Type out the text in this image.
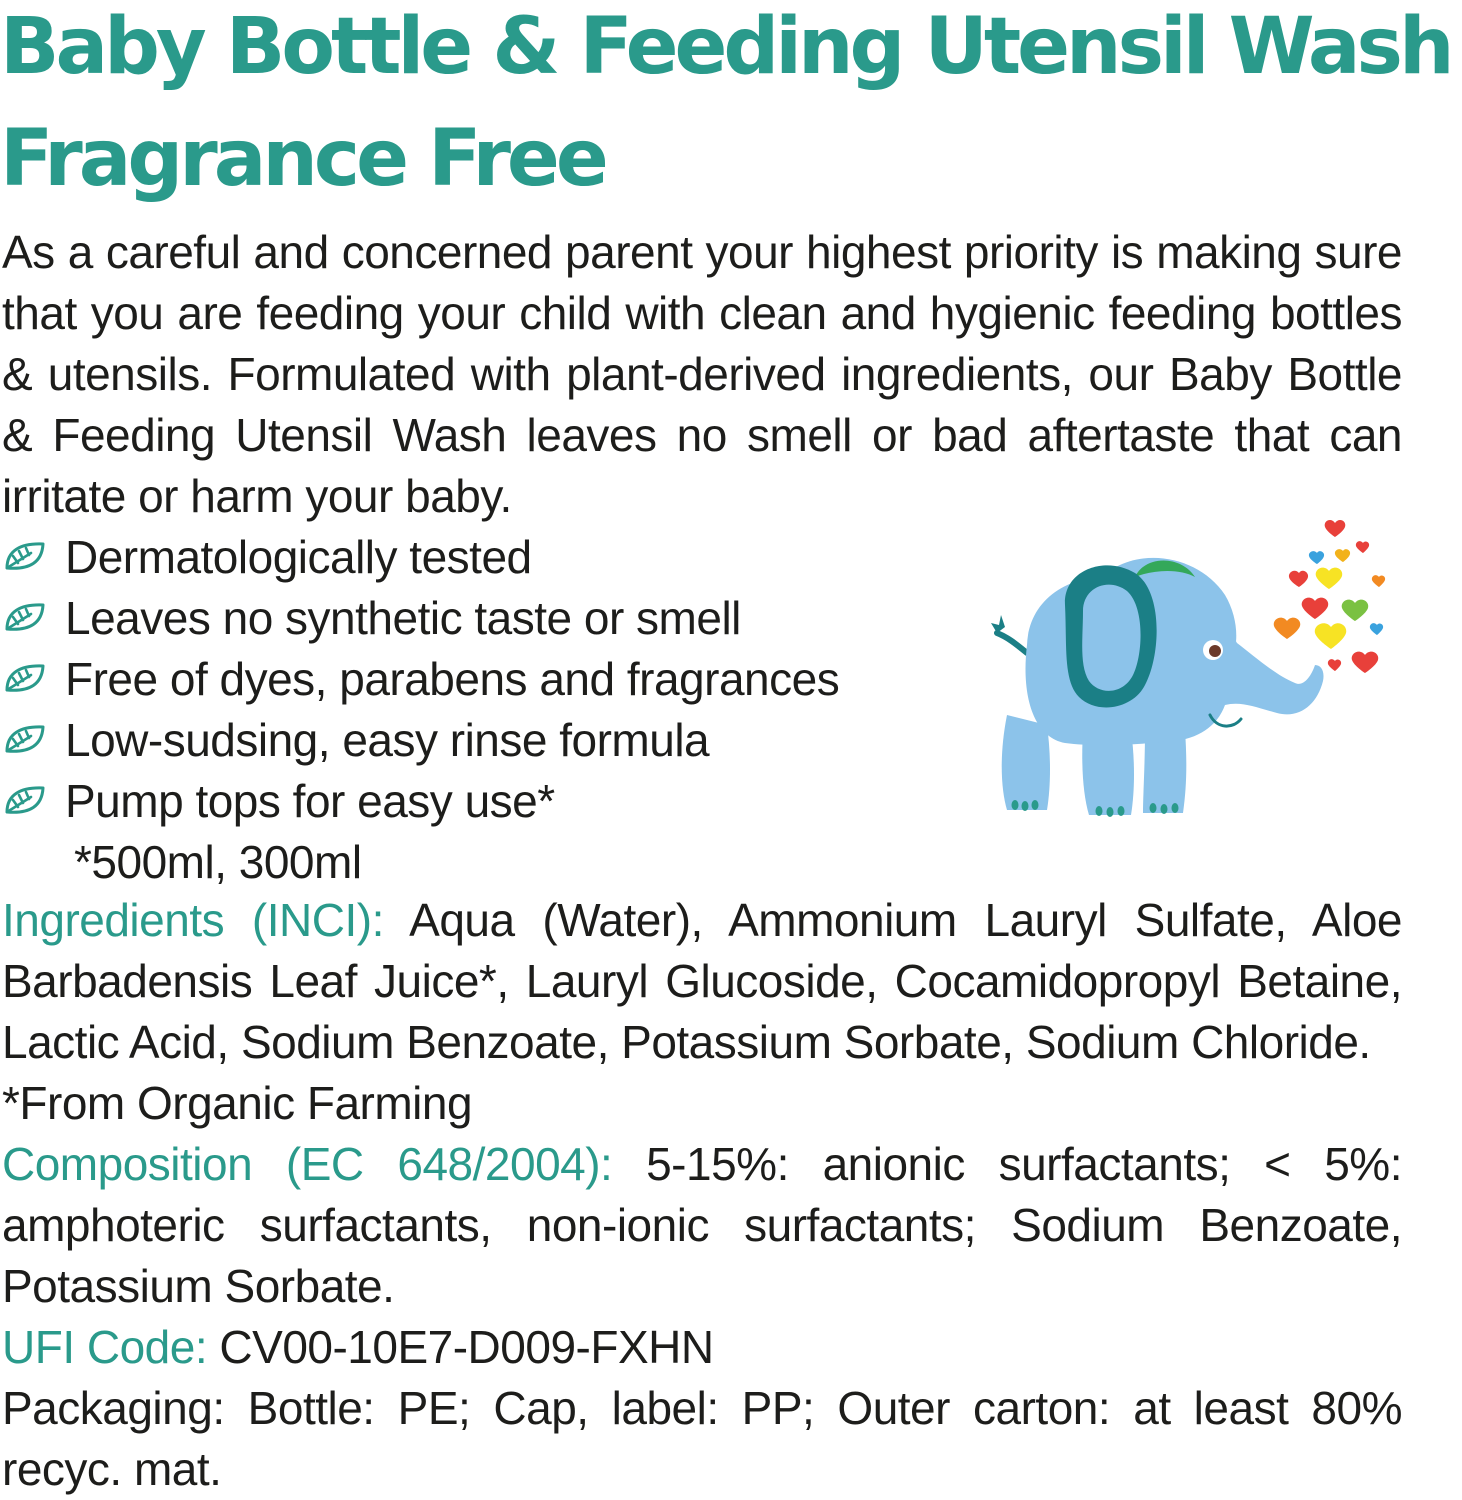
Baby Bottle & Feeding Utensil Wash
Fragrance Free

As a careful and concerned parent your highest priority is making sure that you are feeding your child with clean and hygienic feeding bottles & utensils. Formulated with plant-derived ingredients, our Baby Bottle & Feeding Utensil Wash leaves no smell or bad aftertaste that can irritate or harm your baby.

Dermatologically tested
Leaves no synthetic taste or smell
Free of dyes, parabens and fragrances
Low-sudsing, easy rinse formula
Pump tops for easy use*
*500ml, 300ml

Ingredients (INCI): Aqua (Water), Ammonium Lauryl Sulfate, Aloe Barbadensis Leaf Juice*, Lauryl Glucoside, Cocamidopropyl Betaine, Lactic Acid, Sodium Benzoate, Potassium Sorbate, Sodium Chloride.
*From Organic Farming

Composition (EC 648/2004): 5-15%: anionic surfactants; < 5%: amphoteric surfactants, non-ionic surfactants; Sodium Benzoate, Potassium Sorbate.

UFI Code: CV00-10E7-D009-FXHN

Packaging: Bottle: PE; Cap, label: PP; Outer carton: at least 80% recyc. mat.
